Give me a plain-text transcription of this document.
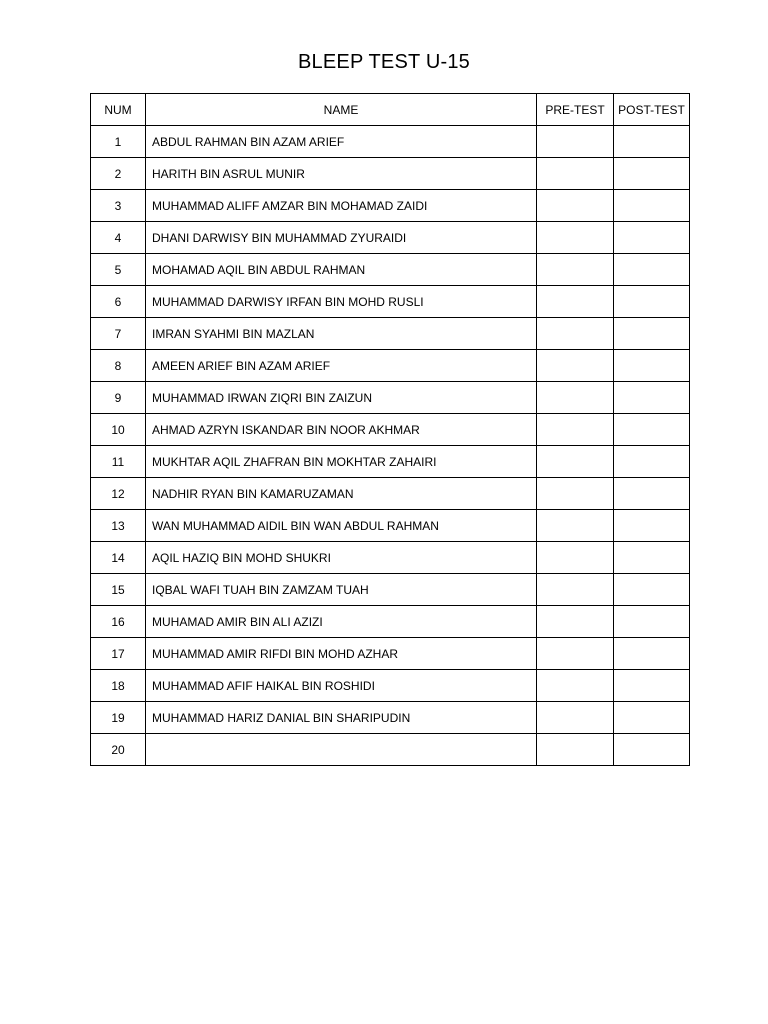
BLEEP TEST U-15
NUM	NAME	PRE-TEST	POST-TEST
1	ABDUL RAHMAN BIN AZAM ARIEF		
2	HARITH BIN ASRUL MUNIR		
3	MUHAMMAD ALIFF AMZAR BIN MOHAMAD ZAIDI		
4	DHANI DARWISY BIN MUHAMMAD ZYURAIDI		
5	MOHAMAD AQIL BIN ABDUL RAHMAN		
6	MUHAMMAD DARWISY IRFAN BIN MOHD RUSLI		
7	IMRAN SYAHMI BIN MAZLAN		
8	AMEEN ARIEF BIN AZAM ARIEF		
9	MUHAMMAD IRWAN ZIQRI BIN ZAIZUN		
10	AHMAD AZRYN ISKANDAR BIN NOOR AKHMAR		
11	MUKHTAR AQIL ZHAFRAN BIN MOKHTAR ZAHAIRI		
12	NADHIR RYAN BIN KAMARUZAMAN		
13	WAN MUHAMMAD AIDIL BIN WAN ABDUL RAHMAN		
14	AQIL HAZIQ BIN MOHD SHUKRI		
15	IQBAL WAFI TUAH BIN ZAMZAM TUAH		
16	MUHAMAD AMIR BIN ALI AZIZI		
17	MUHAMMAD AMIR RIFDI BIN MOHD AZHAR		
18	MUHAMMAD AFIF HAIKAL BIN ROSHIDI		
19	MUHAMMAD HARIZ DANIAL BIN SHARIPUDIN		
20			
